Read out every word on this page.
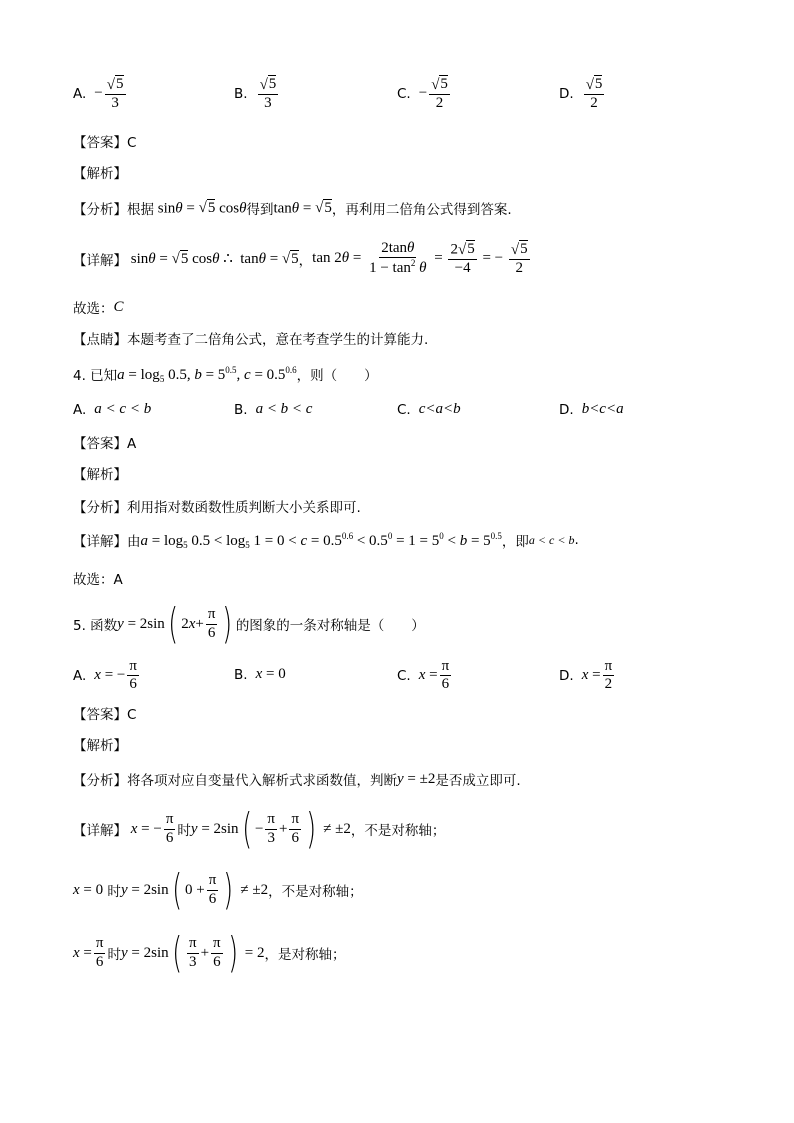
A. − $\frac{√ 5}{3}$	B. $\frac{√ 5}{3}$	C. − $\frac{√ 5}{2}$	D. $\frac{√ 5}{2}$
【答案】C
【解析】
【分析】 根据 sinθ = √ 5 cosθ 得到 tanθ = √ 5 ，再利用二倍角公式得到答案.
【详解】 sinθ = √ 5 cosθ ∴  tanθ = √ 5 ， $\tan 2\theta = \frac{2\tan\theta}{1 - \tan^2 \theta} = \frac{2 √ 5}{-4}$ = − $\frac{√ 5}{2}$
故选： C
【点睛】 本题考查了二倍角公式，意在考查学生的计算能力.
4. 已知 $a = \log_5 0.5$, $b = 5^{0.5}$, $c = 0.5^{0.6}$ ，则（　　）
A. a < c < b	B. a < b < c	C. c<a<b	D. b<c<a
【答案】A
【解析】
【分析】 利用指对数函数性质判断大小关系即可.
【详解】 由 $a = \log_5 0.5 < \log_5 1 = 0 < c = 0.5^{0.6} < 0.5^0 = 1 = 5^0 < b = 5^{0.5}$ ，即 a < c < b .
故选：A
5. 函数 y = 2sin ( 2 $x + \frac{\pi}{6}$ ) 的图象的一条对称轴是（　　）
A. x = − $\frac{\pi}{6}$	B. x = 0	C. $x = \frac{\pi}{6}$	D. $x = \frac{\pi}{2}$
【答案】C
【解析】
【分析】 将各项对应自变量代入解析式求函数值，判断 y = ±2 是否成立即可.
【详解】
x = − $\frac{\pi}{6}$ 时 y = 2sin ( − $\frac{\pi}{3} + \frac{\pi}{6}$ ) ≠ ±2 ，不是对称轴；
x = 0 时 y = 2sin ( $0 + \frac{\pi}{6}$ ) ≠ ±2 ，不是对称轴；
$x = \frac{\pi}{6}$ 时 y = 2sin ( $\frac{\pi}{3} + \frac{\pi}{6}$ ) = 2 ，是对称轴；
